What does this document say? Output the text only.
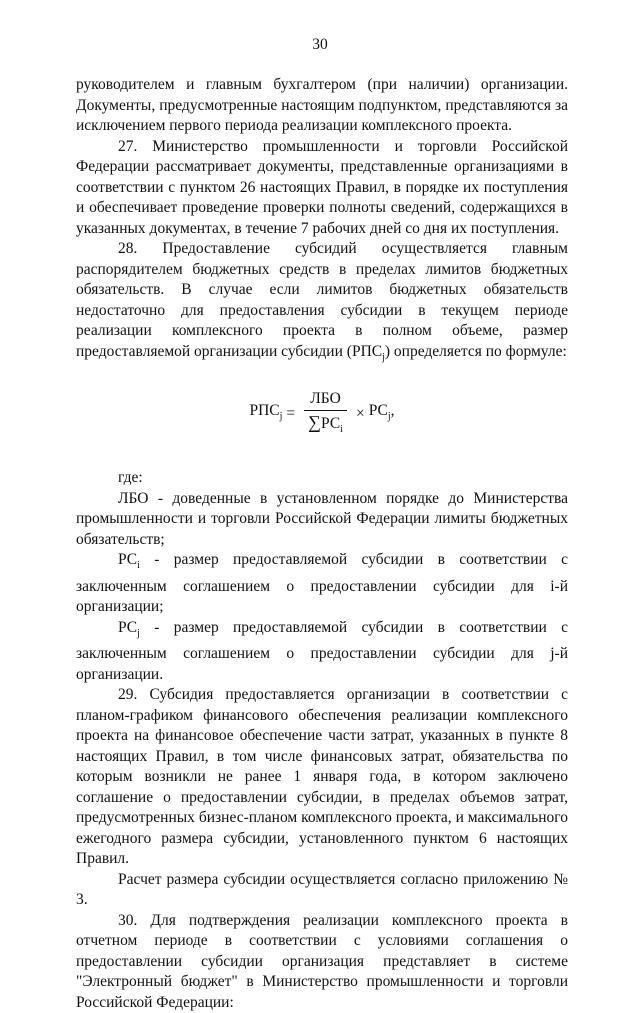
30

руководителем и главным бухгалтером (при наличии) организации. Документы, предусмотренные настоящим подпунктом, представляются за исключением первого периода реализации комплексного проекта.

27. Министерство промышленности и торговли Российской Федерации рассматривает документы, представленные организациями в соответствии с пунктом 26 настоящих Правил, в порядке их поступления и обеспечивает проведение проверки полноты сведений, содержащихся в указанных документах, в течение 7 рабочих дней со дня их поступления.

28. Предоставление субсидий осуществляется главным распорядителем бюджетных средств в пределах лимитов бюджетных обязательств. В случае если лимитов бюджетных обязательств недостаточно для предоставления субсидии в текущем периоде реализации комплексного проекта в полном объеме, размер предоставляемой организации субсидии $(РПС_j)$ определяется по формуле:

$РПС_j = \frac{\text{ЛБО}}{\sum РС_i} \times РС_j$,

где:

ЛБО - доведенные в установленном порядке до Министерства промышленности и торговли Российской Федерации лимиты бюджетных обязательств;

$РС_i$ - размер предоставляемой субсидии в соответствии с заключенным соглашением о предоставлении субсидии для i-й организации;

$РС_j$ - размер предоставляемой субсидии в соответствии с заключенным соглашением о предоставлении субсидии для j-й организации.

29. Субсидия предоставляется организации в соответствии с планом-графиком финансового обеспечения реализации комплексного проекта на финансовое обеспечение части затрат, указанных в пункте 8 настоящих Правил, в том числе финансовых затрат, обязательства по которым возникли не ранее 1 января года, в котором заключено соглашение о предоставлении субсидии, в пределах объемов затрат, предусмотренных бизнес-планом комплексного проекта, и максимального ежегодного размера субсидии, установленного пунктом 6 настоящих Правил.

Расчет размера субсидии осуществляется согласно приложению № 3.

30. Для подтверждения реализации комплексного проекта в отчетном периоде в соответствии с условиями соглашения о предоставлении субсидии организация представляет в системе "Электронный бюджет" в Министерство промышленности и торговли Российской Федерации:
